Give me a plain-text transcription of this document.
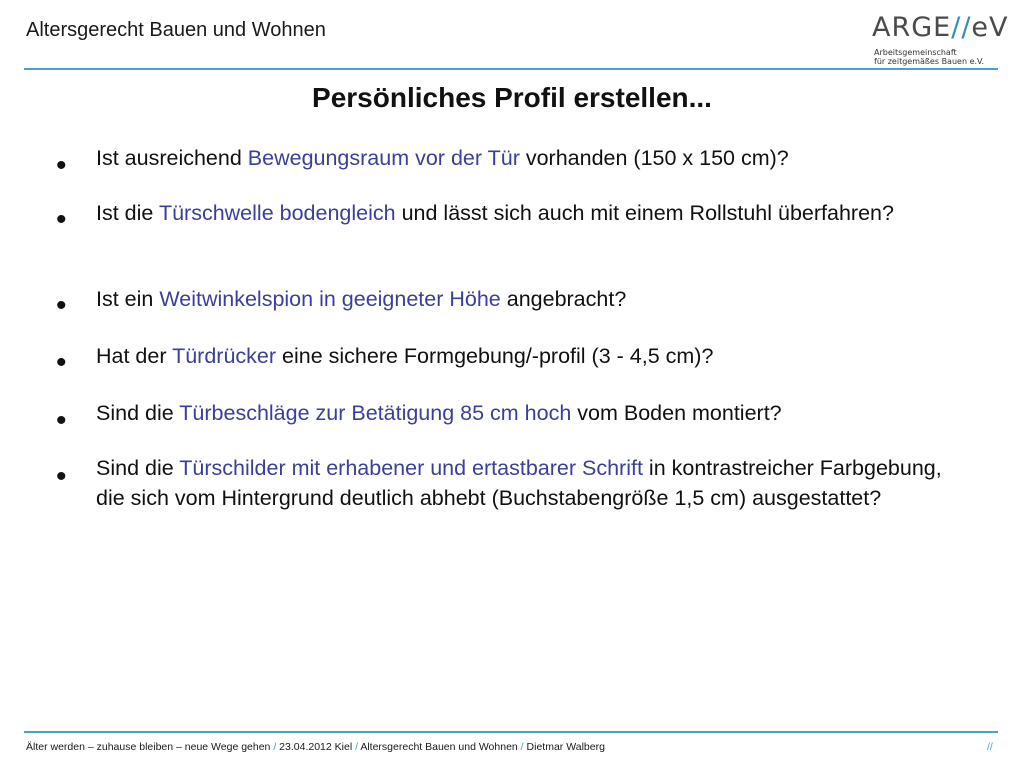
Altersgerecht Bauen und Wohnen	ARGE//eV
Arbeitsgemeinschaft
für zeitgemäßes Bauen e.V.
Persönliches Profil erstellen...
• Ist ausreichend Bewegungsraum vor der Tür vorhanden (150 x 150 cm)?
• Ist die Türschwelle bodengleich und lässt sich auch mit einem Rollstuhl überfahren?
• Ist ein Weitwinkelspion in geeigneter Höhe angebracht?
• Hat der Türdrücker eine sichere Formgebung/-profil (3 - 4,5 cm)?
• Sind die Türbeschläge zur Betätigung 85 cm hoch vom Boden montiert?
• Sind die Türschilder mit erhabener und ertastbarer Schrift in kontrastreicher Farbgebung, die sich vom Hintergrund deutlich abhebt (Buchstabengröße 1,5 cm) ausgestattet?
Älter werden – zuhause bleiben – neue Wege gehen / 23.04.2012 Kiel / Altersgerecht Bauen und Wohnen / Dietmar Walberg	//
